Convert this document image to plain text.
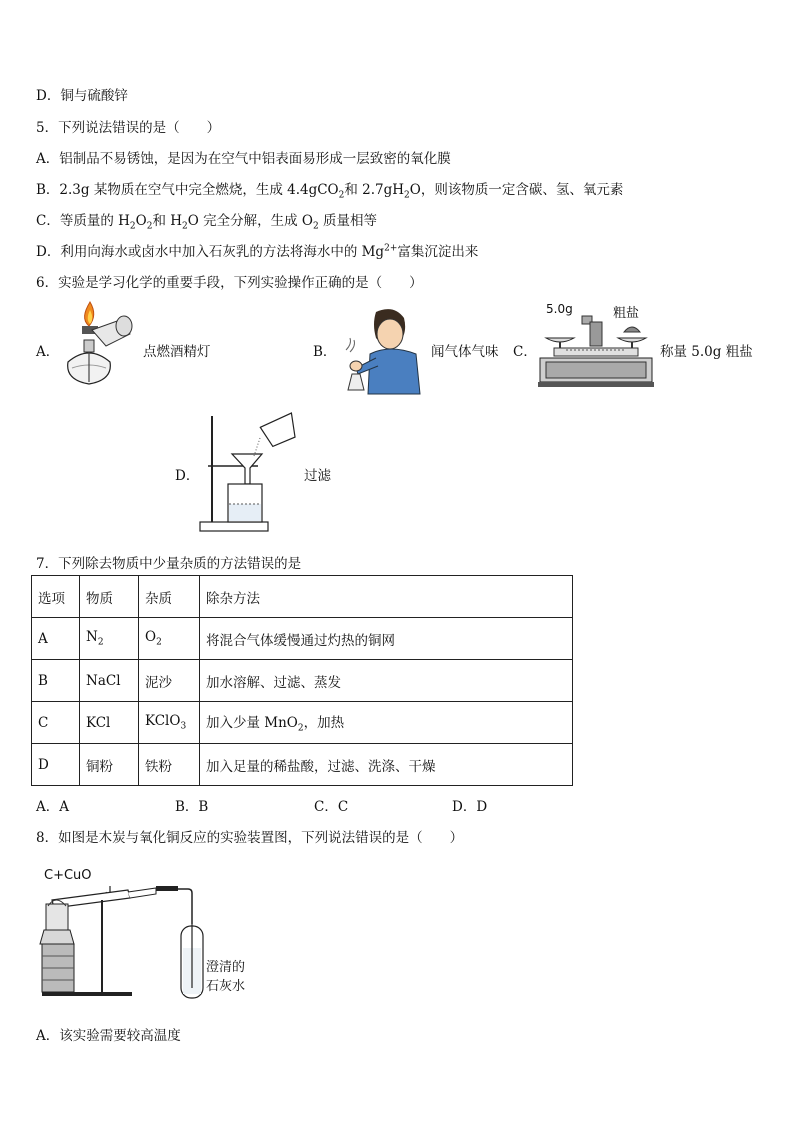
D．铜与硫酸锌
5．下列说法错误的是（　　）
A．铝制品不易锈蚀，是因为在空气中铝表面易形成一层致密的氧化膜
B．2.3g 某物质在空气中完全燃烧，生成 4.4gCO$_2$和 $2.7gH_2O$，则该物质一定含碳、氢、氧元素
C．等质量的 $H_2O_2$和 $H_2O$ 完全分解，生成 $O_2$ 质量相等
D．利用向海水或卤水中加入石灰乳的方法将海水中的 $Mg^{2+}$富集沉淀出来
6．实验是学习化学的重要手段，下列实验操作正确的是（　　）
A．	点燃酒精灯	B．	闻气体气味 C．
5.0g	粗盐
称量 5.0g 粗盐
D．	过滤
7．下列除去物质中少量杂质的方法错误的是
选项	物质	杂质	除杂方法
A	$N_2$	$O_2$	将混合气体缓慢通过灼热的铜网
B	NaCl	泥沙	加水溶解、过滤、蒸发
C	KCl	KClO$_3$	加入少量 MnO$_2$，加热
D	铜粉	铁粉	加入足量的稀盐酸，过滤、洗涤、干燥
A．A	B．B	C．C	D．D
8．如图是木炭与氧化铜反应的实验装置图，下列说法错误的是（　　）
C+CuO
澄清的
石灰水
A．该实验需要较高温度
